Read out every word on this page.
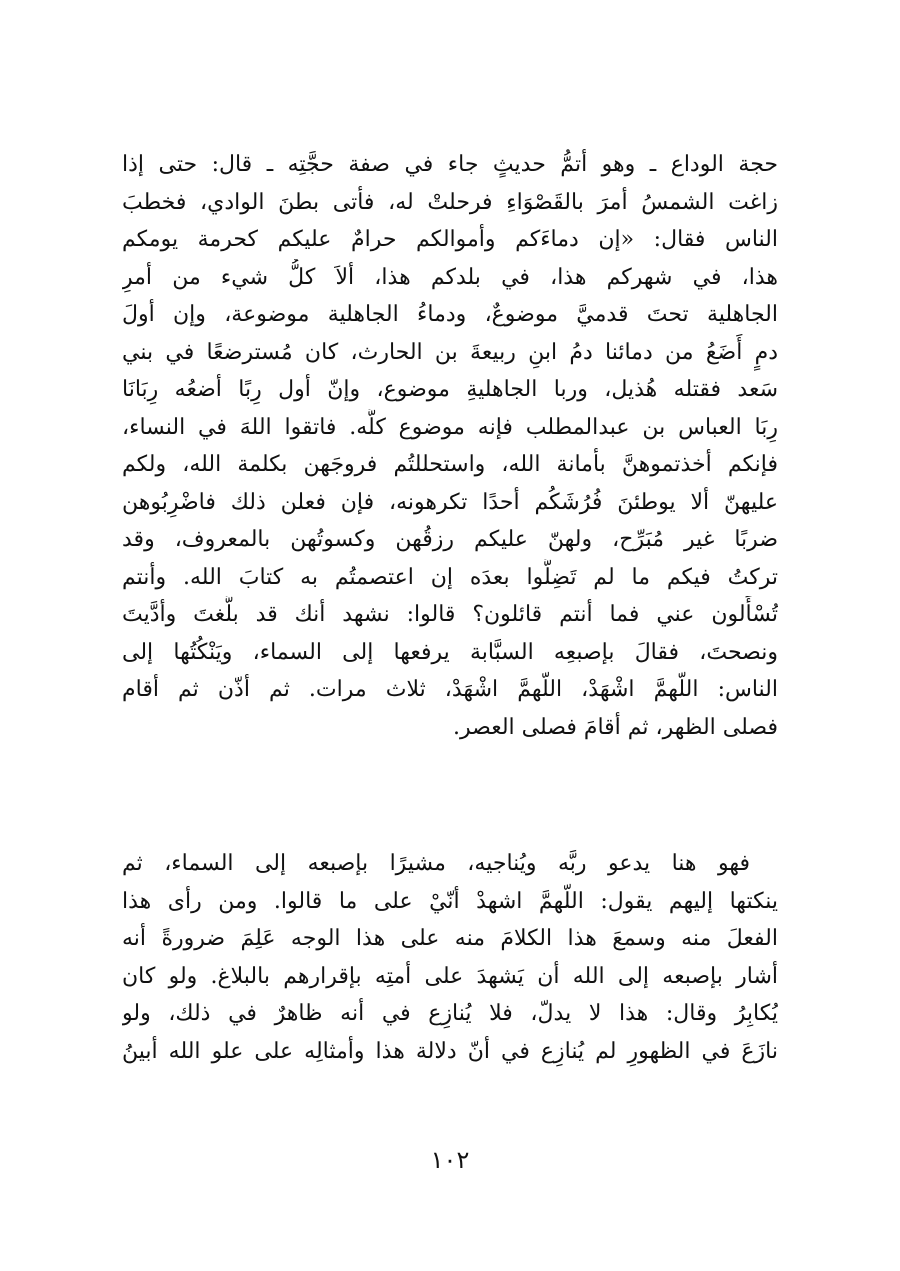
حجة الوداع ـ وهو أتمُّ حديثٍ جاء في صفة حجَّتِه ـ قال: حتى إذا
زاغت الشمسُ أمرَ بالقَصْوَاءِ فرحلتْ له، فأتى بطنَ الوادي، فخطبَ
الناس فقال: «إن دماءَكم وأموالكم حرامٌ عليكم كحرمة يومكم
هذا، في شهركم هذا، في بلدكم هذا، ألاَ كلُّ شيء من أمرِ
الجاهلية تحتَ قدميَّ موضوعٌ، ودماءُ الجاهلية موضوعة، وإن أولَ
دمٍ أَضَعُ من دمائنا دمُ ابنِ ربيعةَ بن الحارث، كان مُسترضعًا في بني
سَعد فقتله هُذيل، وربا الجاهليةِ موضوع، وإنّ أول رِبًا أضعُه رِبَانَا
رِبَا العباس بن عبدالمطلب فإنه موضوع كلُّه. فاتقوا اللهَ في النساء،
فإنكم أخذتموهنَّ بأمانة الله، واستحللتُم فروجَهن بكلمة الله، ولكم
عليهنّ ألا يوطئنَ فُرُشَكُم أحدًا تكرهونه، فإن فعلن ذلك فاضْرِبُوهن
ضربًا غير مُبَرِّح، ولهنّ عليكم رزقُهن وكسوتُهن بالمعروف، وقد
تركتُ فيكم ما لم تَضِلُّوا بعدَه إن اعتصمتُم به كتابَ الله. وأنتم
تُسْأَلون عني فما أنتم قائلون؟ قالوا: نشهد أنك قد بلَّغتَ وأدَّيتَ
ونصحتَ، فقالَ بإصبعِه السبَّابة يرفعها إلى السماء، ويَنْكُتُها إلى
الناس: اللّهمَّ اشْهَدْ، اللّهمَّ اشْهَدْ، ثلاث مرات. ثم أذّن ثم أقام
فصلى الظهر، ثم أقامَ فصلى العصر.
فهو هنا يدعو ربَّه ويُناجيه، مشيرًا بإصبعه إلى السماء، ثم
ينكتها إليهم يقول: اللّهمَّ اشهدْ أنّيْ على ما قالوا. ومن رأى هذا
الفعلَ منه وسمعَ هذا الكلامَ منه على هذا الوجه عَلِمَ ضرورةً أنه
أشار بإصبعه إلى الله أن يَشهدَ على أمتِه بإقرارهم بالبلاغ. ولو كان
يُكابِرُ وقال: هذا لا يدلّ، فلا يُنازِع في أنه ظاهرٌ في ذلك، ولو
نازَعَ في الظهورِ لم يُنازِع في أنّ دلالة هذا وأمثالِه على علو الله أبينُ
١٠٢
